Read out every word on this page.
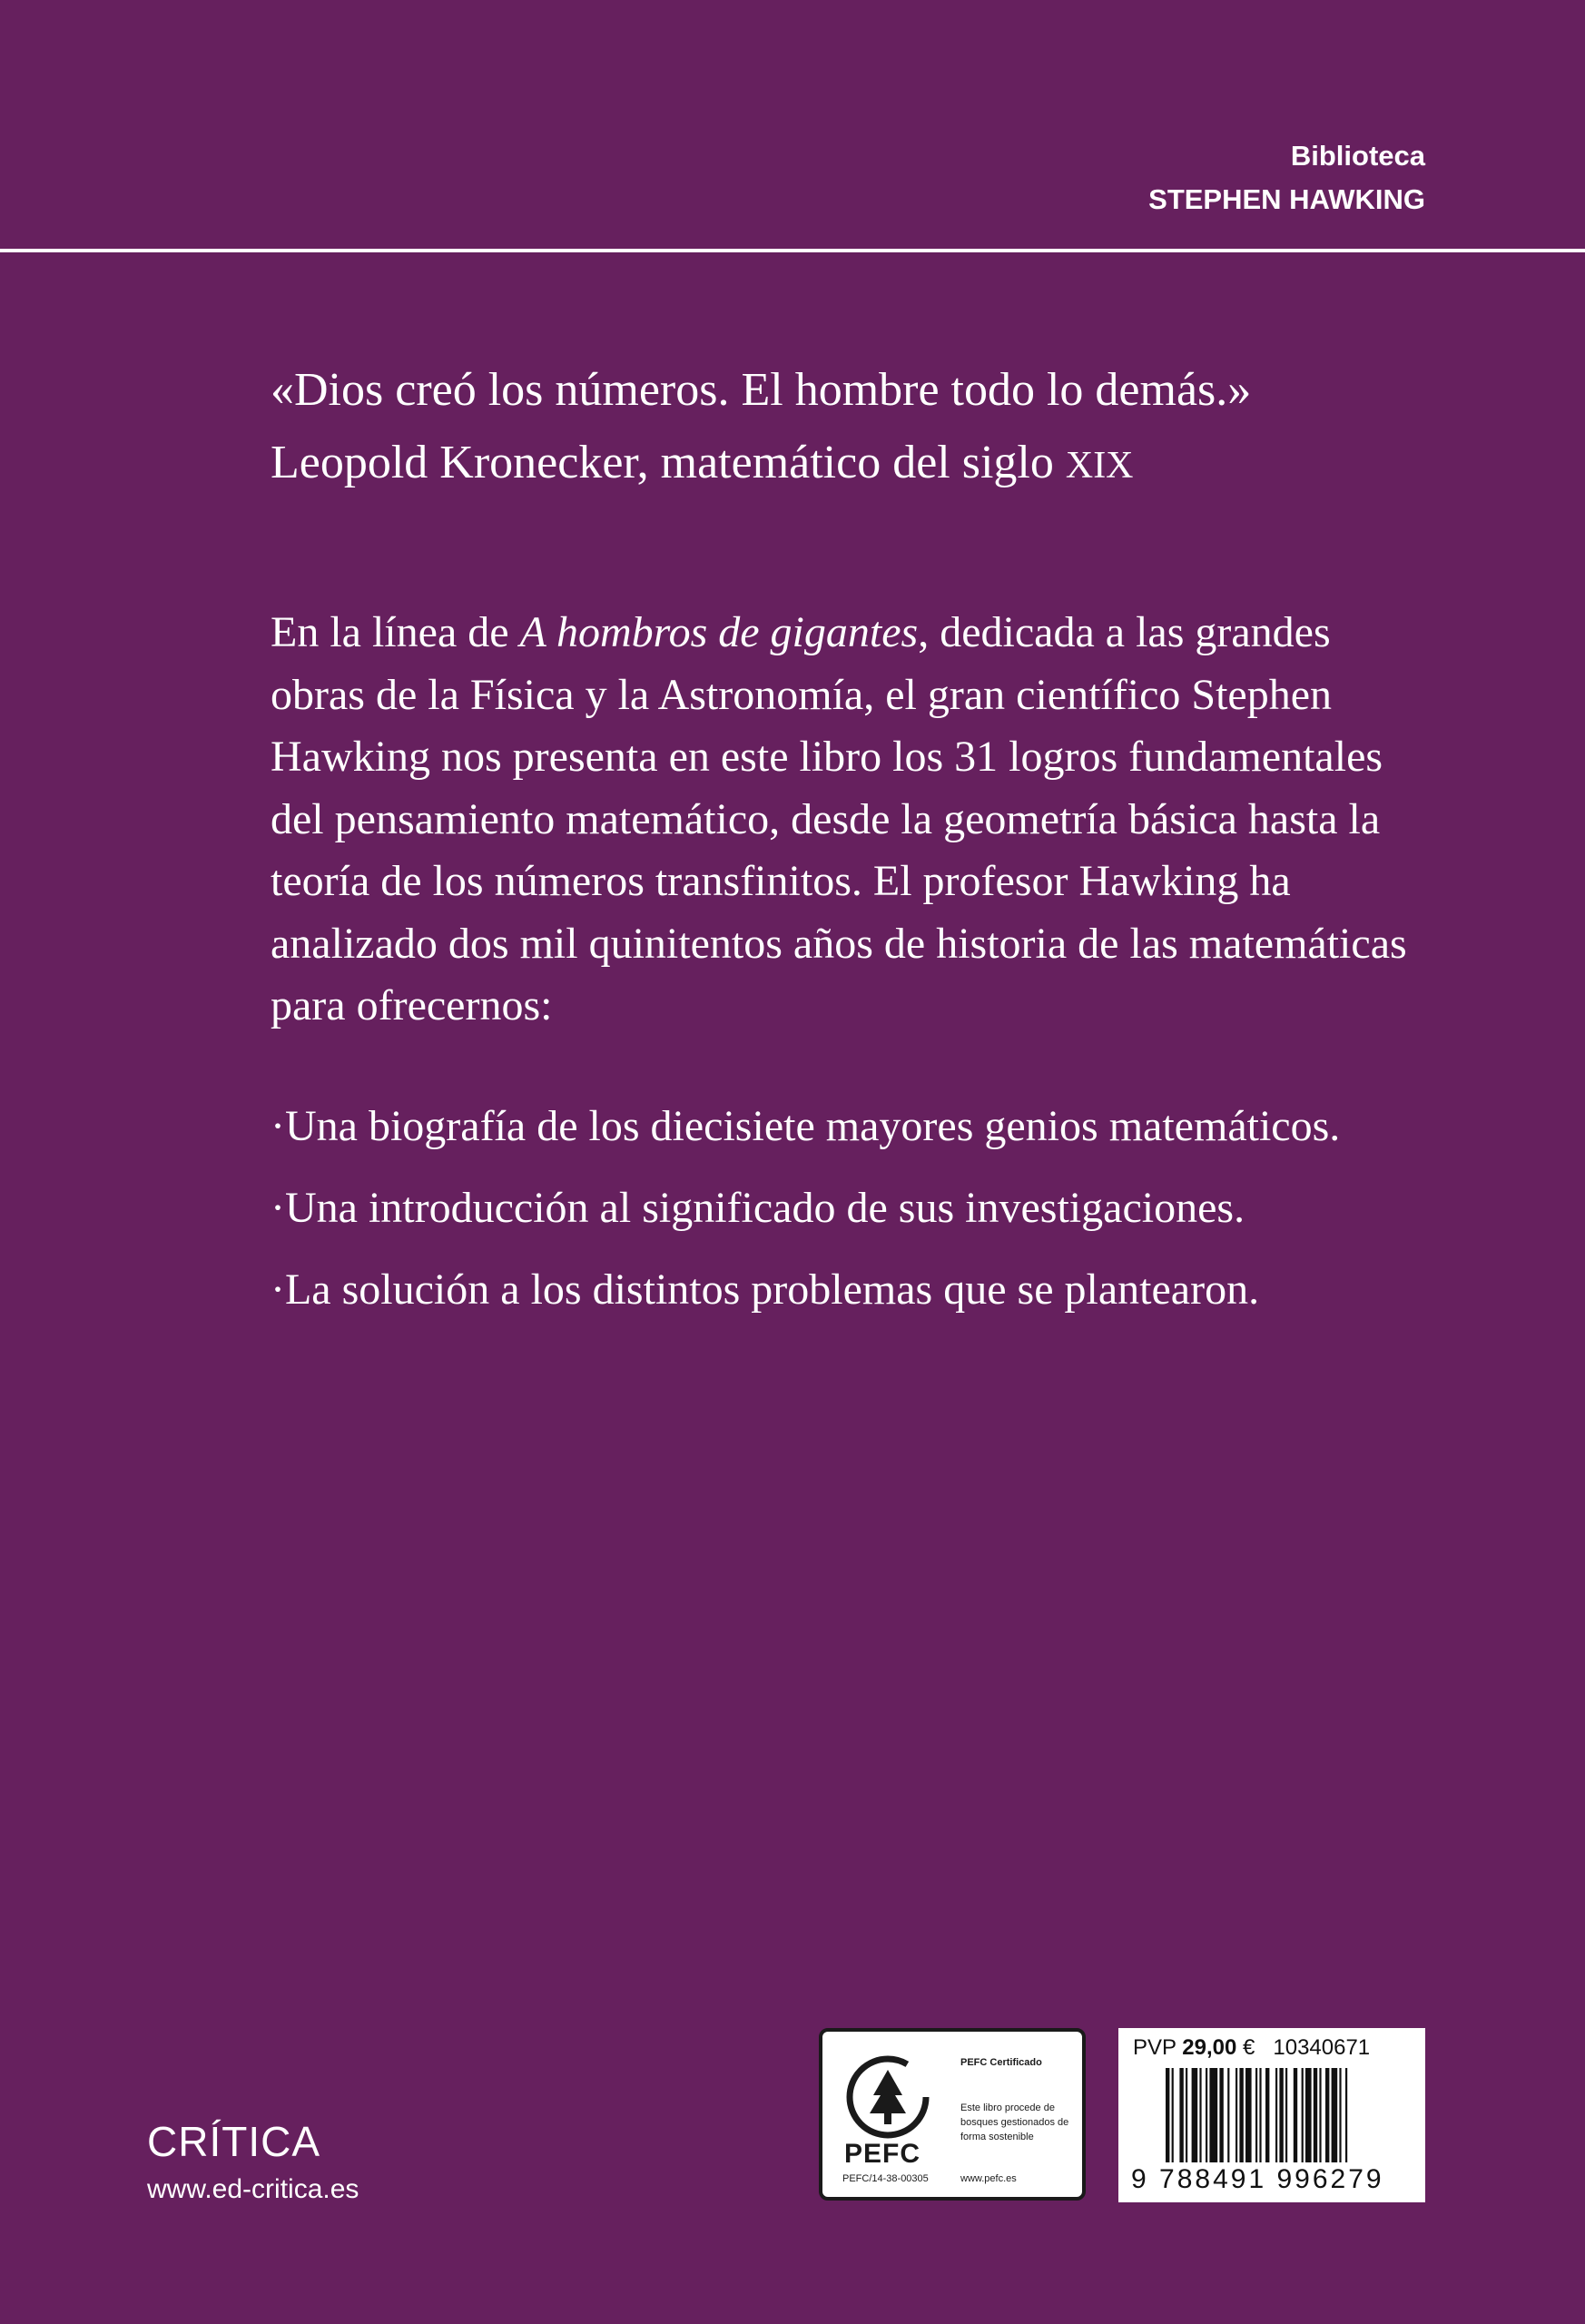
Biblioteca
STEPHEN HAWKING

«Dios creó los números. El hombre todo lo demás.»
Leopold Kronecker, matemático del siglo XIX

En la línea de A hombros de gigantes, dedicada a las grandes obras de la Física y la Astronomía, el gran científico Stephen Hawking nos presenta en este libro los 31 logros fundamentales del pensamiento matemático, desde la geometría básica hasta la teoría de los números transfinitos. El profesor Hawking ha analizado dos mil quinitentos años de historia de las matemáticas para ofrecernos:

·Una biografía de los diecisiete mayores genios matemáticos.
·Una introducción al significado de sus investigaciones.
·La solución a los distintos problemas que se plantearon.
CRÍTICA
www.ed-critica.es
PEFC
PEFC/14-38-00305
PEFC Certificado
Este libro procede de bosques gestionados de forma sostenible
www.pefc.es
PVP 29,00 € 10340671
9 788491 996279
